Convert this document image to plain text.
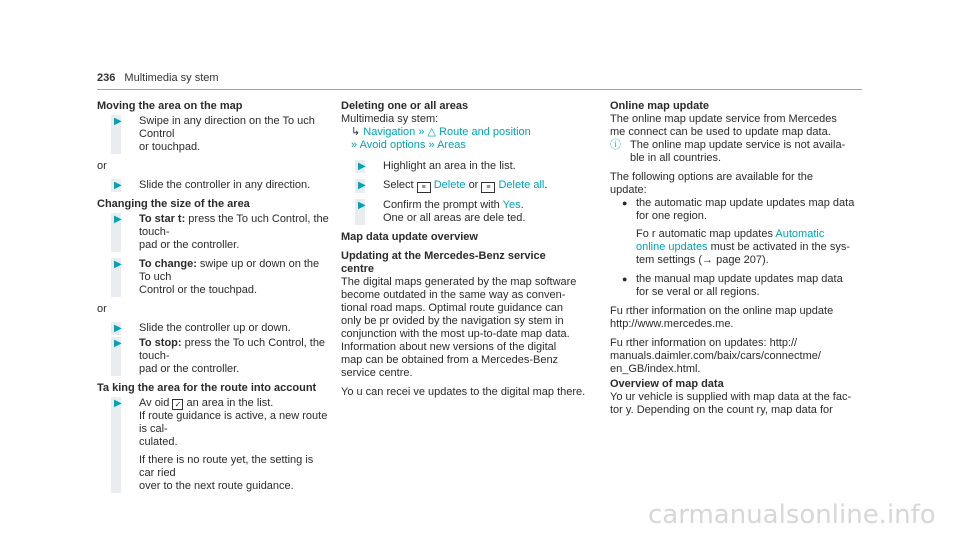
236 Multimedia sy stem
Moving the area on the map
▶ Swipe in any direction on the To uch Control
or touchpad.
or
▶ Slide the controller in any direction.
Changing the size of the area
▶ To star t: press the To uch Control, the touch-
pad or the controller.
▶ To change: swipe up or down on the To uch
Control or the touchpad.
or
▶ Slide the controller up or down.
▶ To stop: press the To uch Control, the touch-
pad or the controller.
Ta king the area for the route into account
▶ Av oid ✓ an area in the list.
If route guidance is active, a new route is cal-
culated.
If there is no route yet, the setting is car ried
over to the next route guidance.
Deleting one or all areas
Multimedia sy stem:
↳ Navigation » △ Route and position
» Avoid options » Areas
▶ Highlight an area in the list.
▶ Select ≡ Delete or ≡ Delete all.
▶ Confirm the prompt with Yes.
One or all areas are dele ted.
Map data update overview
Updating at the Mercedes-Benz service
centre
The digital maps generated by the map software
become outdated in the same way as conven-
tional road maps. Optimal route guidance can
only be pr ovided by the navigation sy stem in
conjunction with the most up-to-date map data.
Information about new versions of the digital
map can be obtained from a Mercedes-Benz
service centre.
Yo u can recei ve updates to the digital map there.
Online map update
The online map update service from Mercedes
me connect can be used to update map data.
ⓘ The online map update service is not availa-
ble in all countries.
The following options are available for the
update:
● the automatic map update updates map data
for one region.
Fo r automatic map updates Automatic
online updates must be activated in the sys-
tem settings (→ page 207).
● the manual map update updates map data
for se veral or all regions.
Fu rther information on the online map update
http://www.mercedes.me.
Fu rther information on updates: http://
manuals.daimler.com/baix/cars/connectme/
en_GB/index.html.
Overview of map data
Yo ur vehicle is supplied with map data at the fac-
tor y. Depending on the count ry, map data for
carmanualsonline.info
